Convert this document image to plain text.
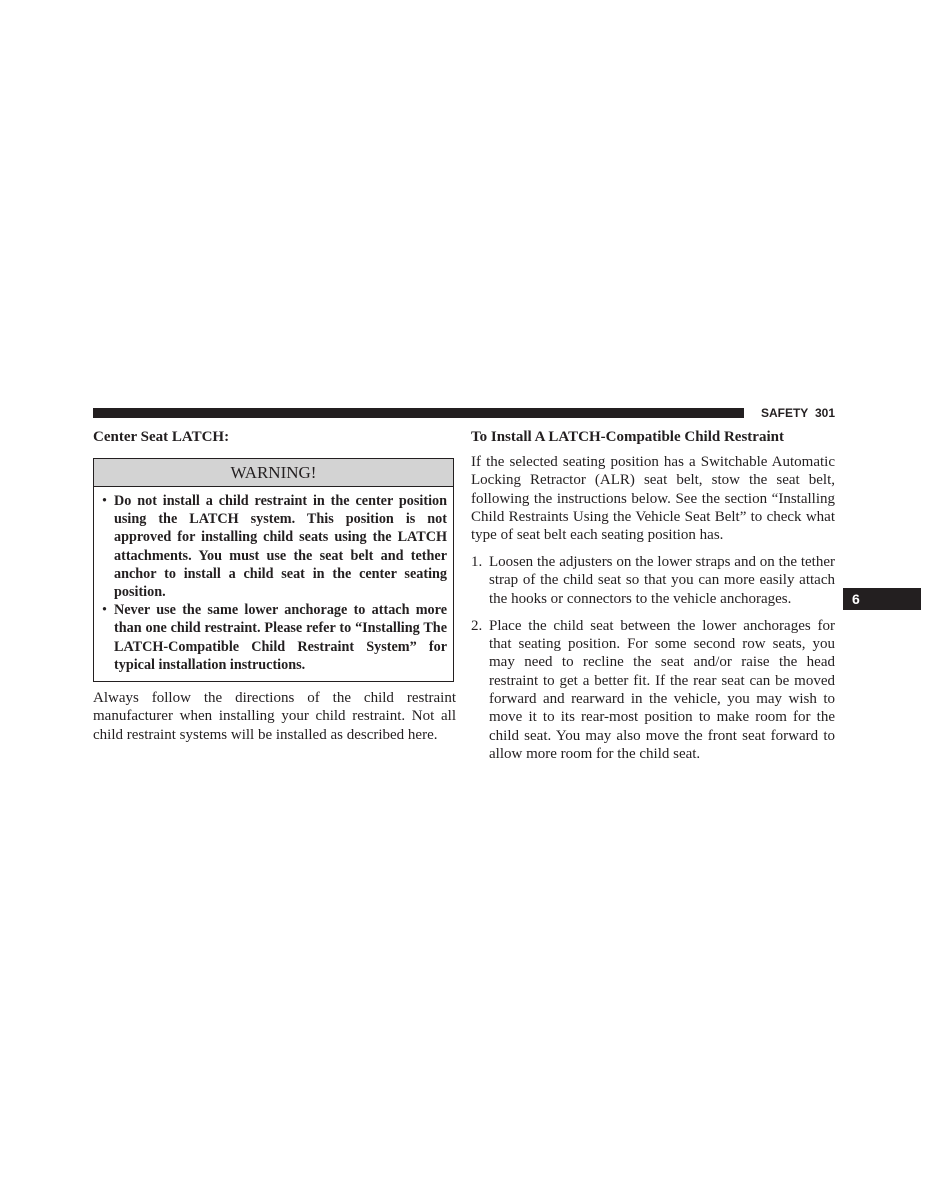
SAFETY 301
6
Center Seat LATCH:
WARNING!
• Do not install a child restraint in the center position using the LATCH system. This position is not approved for installing child seats using the LATCH attachments. You must use the seat belt and tether anchor to install a child seat in the center seating position.
• Never use the same lower anchorage to attach more than one child restraint. Please refer to “Installing The LATCH-Compatible Child Restraint System” for typical installation instructions.

Always follow the directions of the child restraint manufacturer when installing your child restraint. Not all child restraint systems will be installed as described here.

To Install A LATCH-Compatible Child Restraint

If the selected seating position has a Switchable Automatic Locking Retractor (ALR) seat belt, stow the seat belt, following the instructions below. See the section “Installing Child Restraints Using the Vehicle Seat Belt” to check what type of seat belt each seating position has.

1. Loosen the adjusters on the lower straps and on the tether strap of the child seat so that you can more easily attach the hooks or connectors to the vehicle anchorages.
2. Place the child seat between the lower anchorages for that seating position. For some second row seats, you may need to recline the seat and/or raise the head restraint to get a better fit. If the rear seat can be moved forward and rearward in the vehicle, you may wish to move it to its rear-most position to make room for the child seat. You may also move the front seat forward to allow more room for the child seat.
